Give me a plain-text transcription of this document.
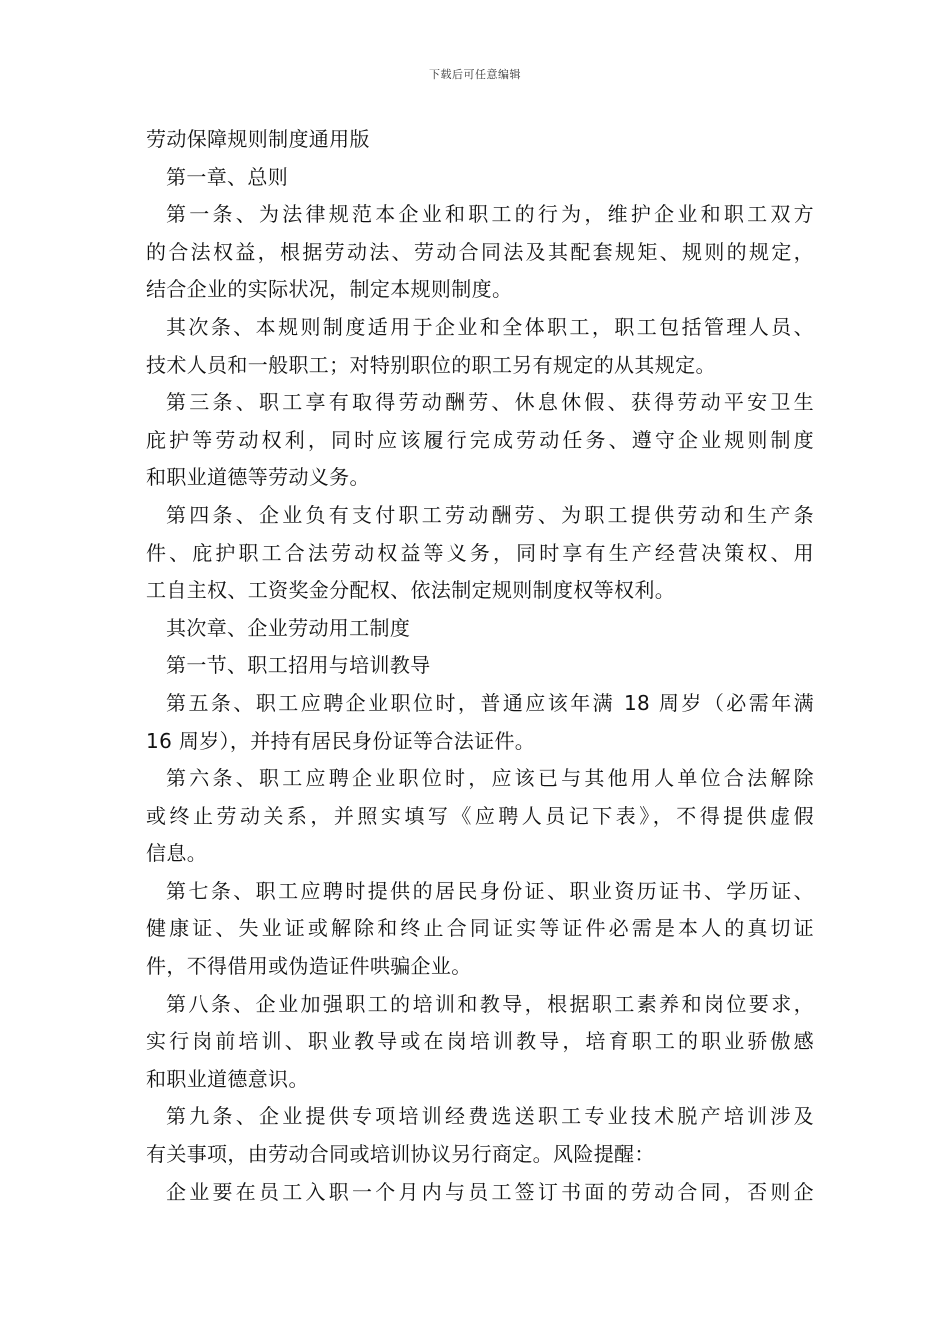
下载后可任意编辑
劳动保障规则制度通用版
第一章、总则
第一条、为法律规范本企业和职工的行为，维护企业和职工双方
的合法权益，根据劳动法、劳动合同法及其配套规矩、规则的规定，
结合企业的实际状况，制定本规则制度。
其次条、本规则制度适用于企业和全体职工，职工包括管理人员、
技术人员和一般职工；对特别职位的职工另有规定的从其规定。
第三条、职工享有取得劳动酬劳、休息休假、获得劳动平安卫生
庇护等劳动权利，同时应该履行完成劳动任务、遵守企业规则制度
和职业道德等劳动义务。
第四条、企业负有支付职工劳动酬劳、为职工提供劳动和生产条
件、庇护职工合法劳动权益等义务，同时享有生产经营决策权、用
工自主权、工资奖金分配权、依法制定规则制度权等权利。
其次章、企业劳动用工制度
第一节、职工招用与培训教导
第五条、职工应聘企业职位时，普通应该年满 18 周岁（必需年满
16 周岁），并持有居民身份证等合法证件。
第六条、职工应聘企业职位时，应该已与其他用人单位合法解除
或终止劳动关系，并照实填写《应聘人员记下表》，不得提供虚假
信息。
第七条、职工应聘时提供的居民身份证、职业资历证书、学历证、
健康证、失业证或解除和终止合同证实等证件必需是本人的真切证
件，不得借用或伪造证件哄骗企业。
第八条、企业加强职工的培训和教导，根据职工素养和岗位要求，
实行岗前培训、职业教导或在岗培训教导，培育职工的职业骄傲感
和职业道德意识。
第九条、企业提供专项培训经费选送职工专业技术脱产培训涉及
有关事项，由劳动合同或培训协议另行商定。风险提醒：
企业要在员工入职一个月内与员工签订书面的劳动合同，否则企
